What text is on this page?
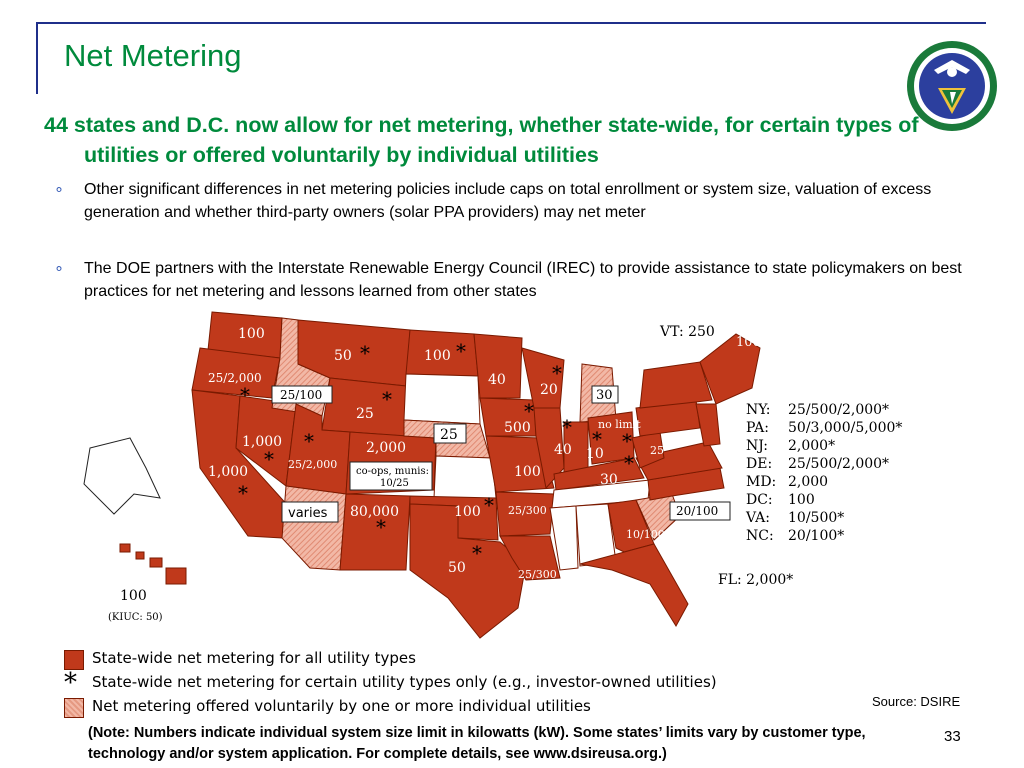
Net Metering
44 states and D.C. now allow for net metering, whether state-wide, for certain types of utilities or offered voluntarily by individual utilities
∘ Other significant differences in net metering policies include caps on total enrollment or system size, valuation of excess generation and whether third-party owners (solar PPA providers) may net meter
∘ The DOE partners with the Interstate Renewable Energy Council (IREC) to provide assistance to state policymakers on best practices for net metering and lessons learned from other states
100
25/2,000
50	100
25
1,000
1,000	25/2,000
2,000
80,000	100
50
40
20
500
100
40 10
no limit
25
30
25/300
25/300
10/100
100
25/100
25
co-ops, munis:
10/25
varies
30
20/100
VT: 250
FL: 2,000*
100
(KIUC: 50)
NY: 25/500/2,000*
PA: 50/3,000/5,000*
NJ: 2,000*
DE: 25/500/2,000*
MD: 2,000
DC: 100
VA: 10/500*
NC: 20/100*
*	*
*	*
*
*
*
*
*
*
*
*
* * *
*
State-wide net metering for all utility types
* State-wide net metering for certain utility types only (e.g., investor-owned utilities)
Net metering offered voluntarily by one or more individual utilities	Source: DSIRE
(Note: Numbers indicate individual system size limit in kilowatts (kW). Some states’ limits vary by customer type, technology and/or system application. For complete details, see www.dsireusa.org.)
33
